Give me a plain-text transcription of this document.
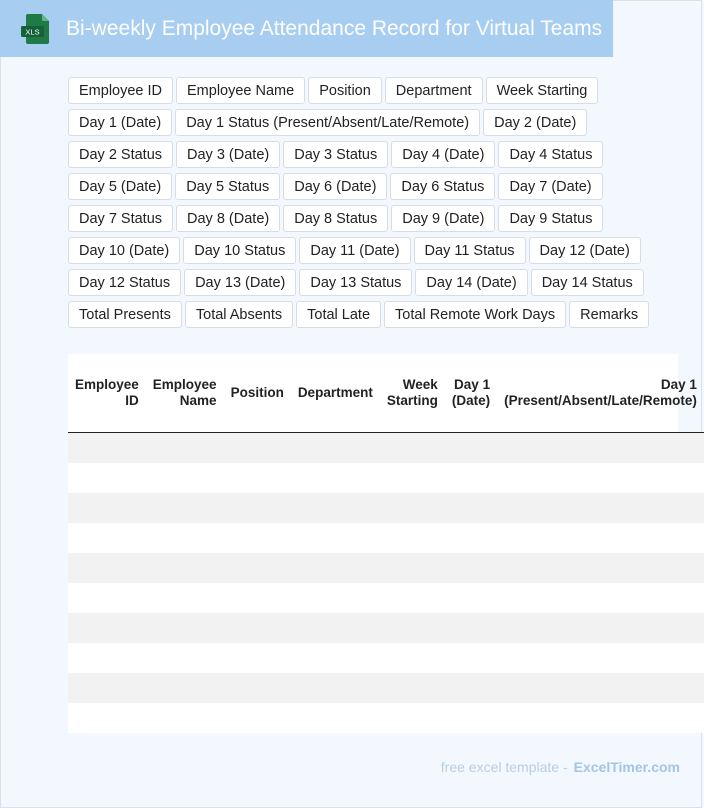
XLS Bi-weekly Employee Attendance Record for Virtual Teams
Employee ID	Employee Name	Position	Department	Week Starting
Day 1 (Date)	Day 1 Status (Present/Absent/Late/Remote)	Day 2 (Date)
Day 2 Status	Day 3 (Date)	Day 3 Status	Day 4 (Date)	Day 4 Status
Day 5 (Date)	Day 5 Status	Day 6 (Date)	Day 6 Status	Day 7 (Date)
Day 7 Status	Day 8 (Date)	Day 8 Status	Day 9 (Date)	Day 9 Status
Day 10 (Date)	Day 10 Status	Day 11 (Date)	Day 11 Status	Day 12 (Date)
Day 12 Status	Day 13 (Date)	Day 13 Status	Day 14 (Date)	Day 14 Status
Total Presents	Total Absents	Total Late	Total Remote Work Days	Remarks
Employee ID	Employee Name	Position	Department	Week Starting	Day 1 (Date)	Day 1 (Present/Absent/Late/Remote)

free excel template - ExcelTimer.com
